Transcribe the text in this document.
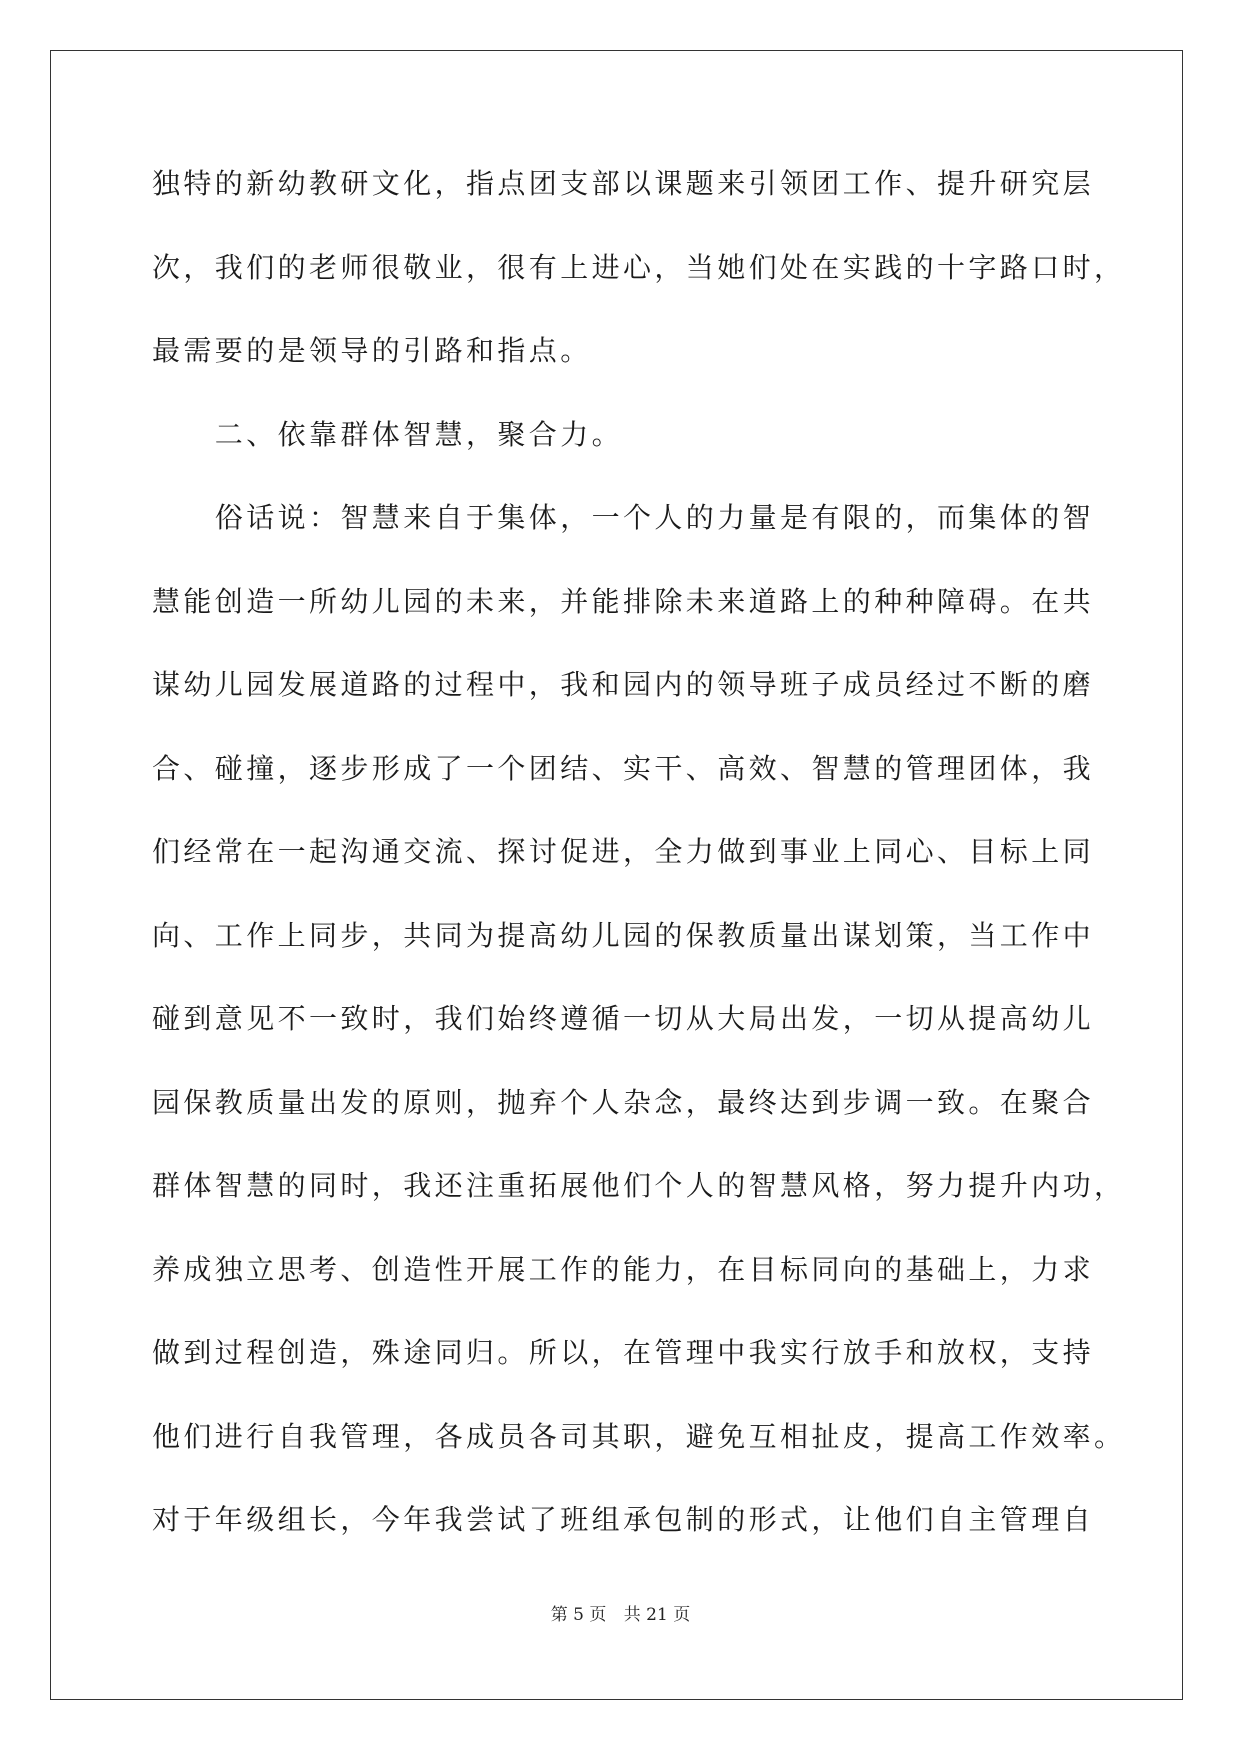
独特的新幼教研文化，指点团支部以课题来引领团工作、提升研究层
次，我们的老师很敬业，很有上进心，当她们处在实践的十字路口时，
最需要的是领导的引路和指点。
　　二、依靠群体智慧，聚合力。
　　俗话说：智慧来自于集体，一个人的力量是有限的，而集体的智
慧能创造一所幼儿园的未来，并能排除未来道路上的种种障碍。在共
谋幼儿园发展道路的过程中，我和园内的领导班子成员经过不断的磨
合、碰撞，逐步形成了一个团结、实干、高效、智慧的管理团体，我
们经常在一起沟通交流、探讨促进，全力做到事业上同心、目标上同
向、工作上同步，共同为提高幼儿园的保教质量出谋划策，当工作中
碰到意见不一致时，我们始终遵循一切从大局出发，一切从提高幼儿
园保教质量出发的原则，抛弃个人杂念，最终达到步调一致。在聚合
群体智慧的同时，我还注重拓展他们个人的智慧风格，努力提升内功，
养成独立思考、创造性开展工作的能力，在目标同向的基础上，力求
做到过程创造，殊途同归。所以，在管理中我实行放手和放权，支持
他们进行自我管理，各成员各司其职，避免互相扯皮，提高工作效率。
对于年级组长，今年我尝试了班组承包制的形式，让他们自主管理自
第 5 页 共 21 页
